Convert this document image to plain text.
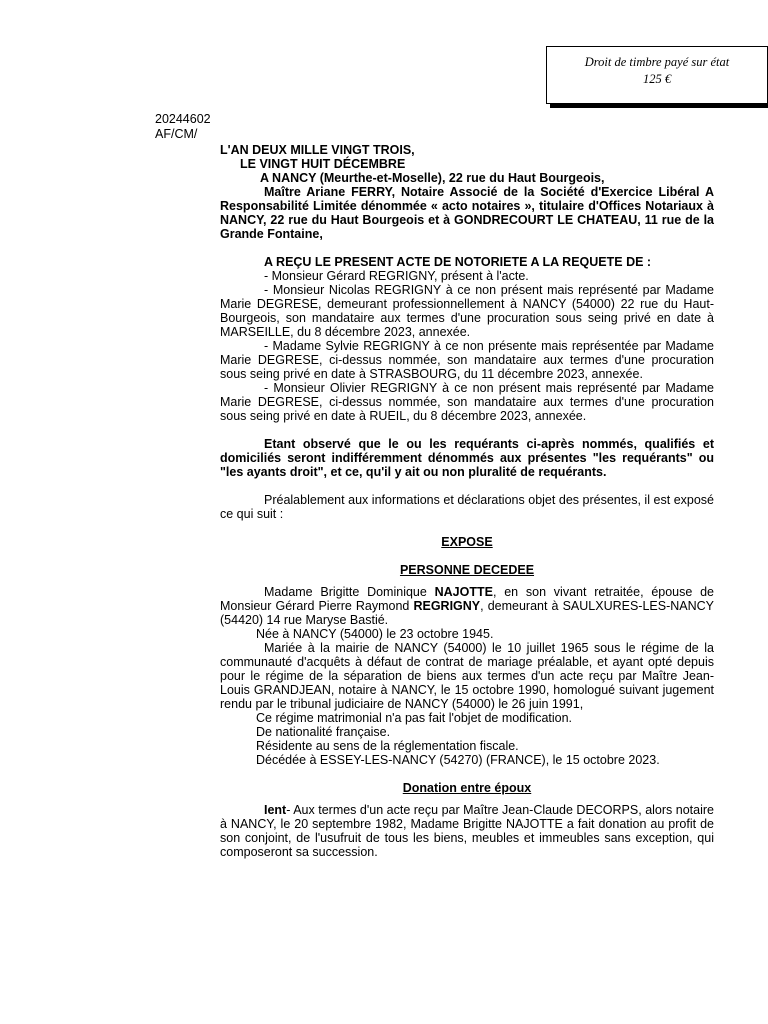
Droit de timbre payé sur état
125 €
20244602
AF/CM/

L'AN DEUX MILLE VINGT TROIS,

LE VINGT HUIT DÉCEMBRE

A NANCY (Meurthe-et-Moselle), 22 rue du Haut Bourgeois,

Maître Ariane FERRY, Notaire Associé de la Société d'Exercice Libéral A Responsabilité Limitée dénommée « acto notaires », titulaire d'Offices Notariaux à NANCY, 22 rue du Haut Bourgeois et à GONDRECOURT LE CHATEAU, 11 rue de la Grande Fontaine,

A REÇU LE PRESENT ACTE DE NOTORIETE A LA REQUETE DE :

- Monsieur Gérard REGRIGNY, présent à l'acte.

- Monsieur Nicolas REGRIGNY à ce non présent mais représenté par Madame Marie DEGRESE, demeurant professionnellement à NANCY (54000) 22 rue du Haut-Bourgeois, son mandataire aux termes d'une procuration sous seing privé en date à MARSEILLE, du 8 décembre 2023, annexée.

- Madame Sylvie REGRIGNY à ce non présente mais représentée par Madame Marie DEGRESE, ci-dessus nommée, son mandataire aux termes d'une procuration sous seing privé en date à STRASBOURG, du 11 décembre 2023, annexée.

- Monsieur Olivier REGRIGNY à ce non présent mais représenté par Madame Marie DEGRESE, ci-dessus nommée, son mandataire aux termes d'une procuration sous seing privé en date à RUEIL, du 8 décembre 2023, annexée.

Etant observé que le ou les requérants ci-après nommés, qualifiés et domiciliés seront indifféremment dénommés aux présentes "les requérants" ou "les ayants droit", et ce, qu'il y ait ou non pluralité de requérants.

Préalablement aux informations et déclarations objet des présentes, il est exposé ce qui suit :

EXPOSE

PERSONNE DECEDEE

Madame Brigitte Dominique NAJOTTE, en son vivant retraitée, épouse de Monsieur Gérard Pierre Raymond REGRIGNY, demeurant à SAULXURES-LES-NANCY (54420) 14 rue Maryse Bastié.

Née à NANCY (54000) le 23 octobre 1945.

Mariée à la mairie de NANCY (54000) le 10 juillet 1965 sous le régime de la communauté d'acquêts à défaut de contrat de mariage préalable, et ayant opté depuis pour le régime de la séparation de biens aux termes d'un acte reçu par Maître Jean-Louis GRANDJEAN, notaire à NANCY, le 15 octobre 1990, homologué suivant jugement rendu par le tribunal judiciaire de NANCY (54000) le 26 juin 1991,

Ce régime matrimonial n'a pas fait l'objet de modification.

De nationalité française.

Résidente au sens de la réglementation fiscale.

Décédée à ESSEY-LES-NANCY (54270) (FRANCE), le 15 octobre 2023.

Donation entre époux

Ient- Aux termes d'un acte reçu par Maître Jean-Claude DECORPS, alors notaire à NANCY, le 20 septembre 1982, Madame Brigitte NAJOTTE a fait donation au profit de son conjoint, de l'usufruit de tous les biens, meubles et immeubles sans exception, qui composeront sa succession.
